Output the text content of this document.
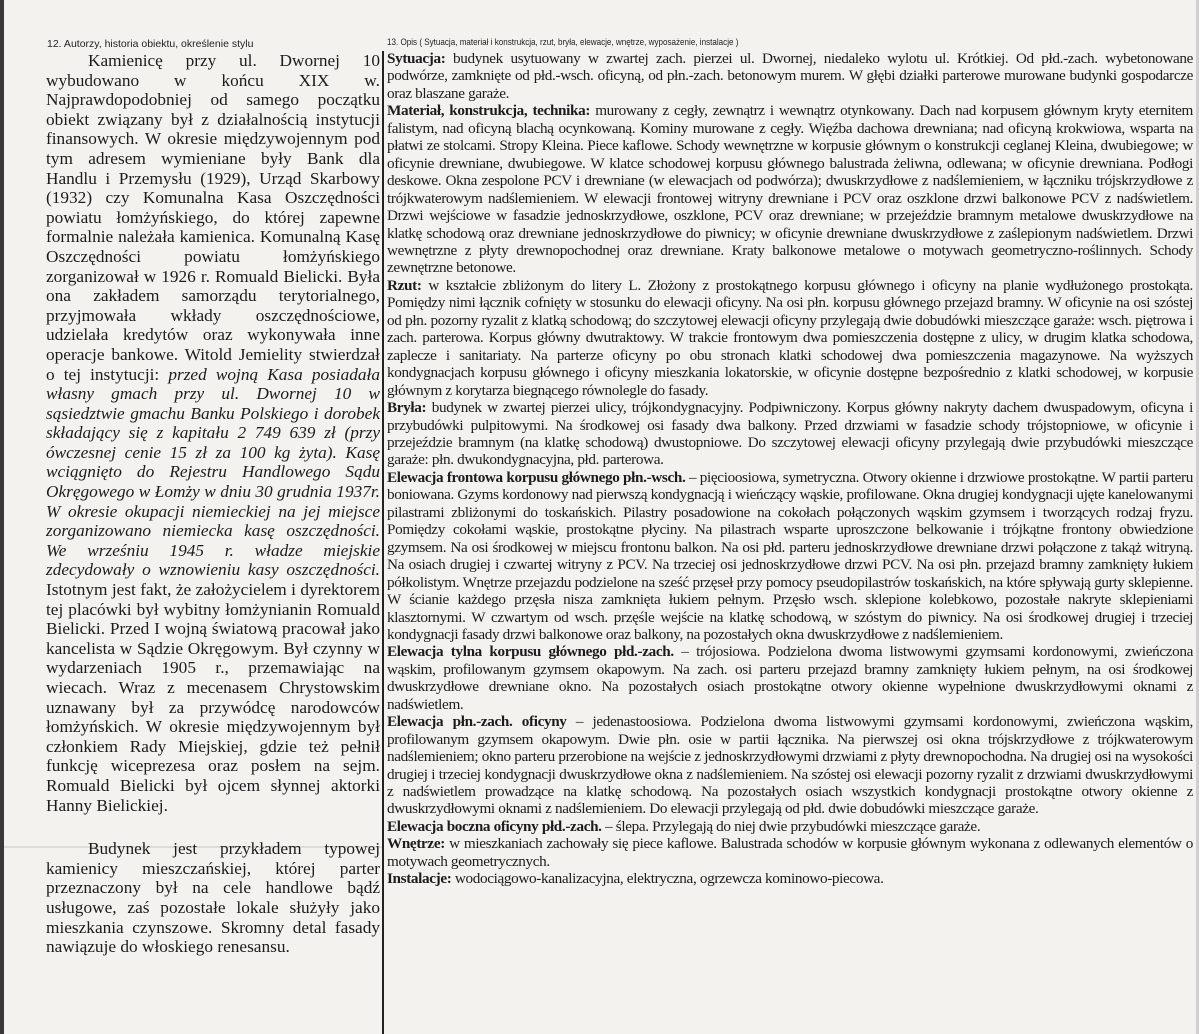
12. Autorzy, historia obiektu, określenie stylu

Kamienicę przy ul. Dwornej 10 wybudowano w końcu XIX w. Najprawdopodobniej od samego początku obiekt związany był z działalnością instytucji finansowych. W okresie międzywojennym pod tym adresem wymieniane były Bank dla Handlu i Przemysłu (1929), Urząd Skarbowy (1932) czy Komunalna Kasa Oszczędności powiatu łomżyńskiego, do której zapewne formalnie należała kamienica. Komunalną Kasę Oszczędności powiatu łomżyńskiego zorganizował w 1926 r. Romuald Bielicki. Była ona zakładem samorządu terytorialnego, przyjmowała wkłady oszczędnościowe, udzielała kredytów oraz wykonywała inne operacje bankowe. Witold Jemielity stwierdzał o tej instytucji: przed wojną Kasa posiadała własny gmach przy ul. Dwornej 10 w sąsiedztwie gmachu Banku Polskiego i dorobek składający się z kapitału 2 749 639 zł (przy ówczesnej cenie 15 zł za 100 kg żyta). Kasę wciągnięto do Rejestru Handlowego Sądu Okręgowego w Łomży w dniu 30 grudnia 1937r. W okresie okupacji niemieckiej na jej miejsce zorganizowano niemiecka kasę oszczędności. We wrześniu 1945 r. władze miejskie zdecydowały o wznowieniu kasy oszczędności. Istotnym jest fakt, że założycielem i dyrektorem tej placówki był wybitny łomżynianin Romuald Bielicki. Przed I wojną światową pracował jako kancelista w Sądzie Okręgowym. Był czynny w wydarzeniach 1905 r., przemawiając na wiecach. Wraz z mecenasem Chrystowskim uznawany był za przywódcę narodowców łomżyńskich. W okresie międzywojennym był członkiem Rady Miejskiej, gdzie też pełnił funkcję wiceprezesa oraz posłem na sejm. Romuald Bielicki był ojcem słynnej aktorki Hanny Bielickiej.

Budynek jest przykładem typowej kamienicy mieszczańskiej, której parter przeznaczony był na cele handlowe bądź usługowe, zaś pozostałe lokale służyły jako mieszkania czynszowe. Skromny detal fasady nawiązuje do włoskiego renesansu.

13. Opis ( Sytuacja, materiał i konstrukcja, rzut, bryła, elewacje, wnętrze, wyposażenie, instalacje )

Sytuacja: budynek usytuowany w zwartej zach. pierzei ul. Dwornej, niedaleko wylotu ul. Krótkiej. Od płd.-zach. wybetonowane podwórze, zamknięte od płd.-wsch. oficyną, od płn.-zach. betonowym murem. W głębi działki parterowe murowane budynki gospodarcze oraz blaszane garaże.

Materiał, konstrukcja, technika: murowany z cegły, zewnątrz i wewnątrz otynkowany. Dach nad korpusem głównym kryty eternitem falistym, nad oficyną blachą ocynkowaną. Kominy murowane z cegły. Więźba dachowa drewniana; nad oficyną krokwiowa, wsparta na płatwi ze stolcami. Stropy Kleina. Piece kaflowe. Schody wewnętrzne w korpusie głównym o konstrukcji ceglanej Kleina, dwubiegowe; w oficynie drewniane, dwubiegowe. W klatce schodowej korpusu głównego balustrada żeliwna, odlewana; w oficynie drewniana. Podłogi deskowe. Okna zespolone PCV i drewniane (w elewacjach od podwórza); dwuskrzydłowe z nadślemieniem, w łączniku trójskrzydłowe z trójkwaterowym nadślemieniem. W elewacji frontowej witryny drewniane i PCV oraz oszklone drzwi balkonowe PCV z nadświetlem. Drzwi wejściowe w fasadzie jednoskrzydłowe, oszklone, PCV oraz drewniane; w przejeździe bramnym metalowe dwuskrzydłowe na klatkę schodową oraz drewniane jednoskrzydłowe do piwnicy; w oficynie drewniane dwuskrzydłowe z zaślepionym nadświetlem. Drzwi wewnętrzne z płyty drewnopochodnej oraz drewniane. Kraty balkonowe metalowe o motywach geometryczno-roślinnych. Schody zewnętrzne betonowe.

Rzut: w kształcie zbliżonym do litery L. Złożony z prostokątnego korpusu głównego i oficyny na planie wydłużonego prostokąta. Pomiędzy nimi łącznik cofnięty w stosunku do elewacji oficyny. Na osi płn. korpusu głównego przejazd bramny. W oficynie na osi szóstej od płn. pozorny ryzalit z klatką schodową; do szczytowej elewacji oficyny przylegają dwie dobudówki mieszczące garaże: wsch. piętrowa i zach. parterowa. Korpus główny dwutraktowy. W trakcie frontowym dwa pomieszczenia dostępne z ulicy, w drugim klatka schodowa, zaplecze i sanitariaty. Na parterze oficyny po obu stronach klatki schodowej dwa pomieszczenia magazynowe. Na wyższych kondygnacjach korpusu głównego i oficyny mieszkania lokatorskie, w oficynie dostępne bezpośrednio z klatki schodowej, w korpusie głównym z korytarza biegnącego równolegle do fasady.

Bryła: budynek w zwartej pierzei ulicy, trójkondygnacyjny. Podpiwniczony. Korpus główny nakryty dachem dwuspadowym, oficyna i przybudówki pulpitowymi. Na środkowej osi fasady dwa balkony. Przed drzwiami w fasadzie schody trójstopniowe, w oficynie i przejeździe bramnym (na klatkę schodową) dwustopniowe. Do szczytowej elewacji oficyny przylegają dwie przybudówki mieszczące garaże: płn. dwukondygnacyjna, płd. parterowa.

Elewacja frontowa korpusu głównego płn.-wsch. – pięcioosiowa, symetryczna. Otwory okienne i drzwiowe prostokątne. W partii parteru boniowana. Gzyms kordonowy nad pierwszą kondygnacją i wieńczący wąskie, profilowane. Okna drugiej kondygnacji ujęte kanelowanymi pilastrami zbliżonymi do toskańskich. Pilastry posadowione na cokołach połączonych wąskim gzymsem i tworzących rodzaj fryzu. Pomiędzy cokołami wąskie, prostokątne płyciny. Na pilastrach wsparte uproszczone belkowanie i trójkątne frontony obwiedzione gzymsem. Na osi środkowej w miejscu frontonu balkon. Na osi płd. parteru jednoskrzydłowe drewniane drzwi połączone z takąż witryną. Na osiach drugiej i czwartej witryny z PCV. Na trzeciej osi jednoskrzydłowe drzwi PCV. Na osi płn. przejazd bramny zamknięty łukiem półkolistym. Wnętrze przejazdu podzielone na sześć przęseł przy pomocy pseudopilastrów toskańskich, na które spływają gurty sklepienne. W ścianie każdego przęsła nisza zamknięta łukiem pełnym. Przęsło wsch. sklepione kolebkowo, pozostałe nakryte sklepieniami klasztornymi. W czwartym od wsch. przęśle wejście na klatkę schodową, w szóstym do piwnicy. Na osi środkowej drugiej i trzeciej kondygnacji fasady drzwi balkonowe oraz balkony, na pozostałych okna dwuskrzydłowe z nadślemieniem.

Elewacja tylna korpusu głównego płd.-zach. – trójosiowa. Podzielona dwoma listwowymi gzymsami kordonowymi, zwieńczona wąskim, profilowanym gzymsem okapowym. Na zach. osi parteru przejazd bramny zamknięty łukiem pełnym, na osi środkowej dwuskrzydłowe drewniane okno. Na pozostałych osiach prostokątne otwory okienne wypełnione dwuskrzydłowymi oknami z nadświetlem.

Elewacja płn.-zach. oficyny – jedenastoosiowa. Podzielona dwoma listwowymi gzymsami kordonowymi, zwieńczona wąskim, profilowanym gzymsem okapowym. Dwie płn. osie w partii łącznika. Na pierwszej osi okna trójskrzydłowe z trójkwaterowym nadślemieniem; okno parteru przerobione na wejście z jednoskrzydłowymi drzwiami z płyty drewnopochodna. Na drugiej osi na wysokości drugiej i trzeciej kondygnacji dwuskrzydłowe okna z nadślemieniem. Na szóstej osi elewacji pozorny ryzalit z drzwiami dwuskrzydłowymi z nadświetlem prowadzące na klatkę schodową. Na pozostałych osiach wszystkich kondygnacji prostokątne otwory okienne z dwuskrzydłowymi oknami z nadślemieniem. Do elewacji przylegają od płd. dwie dobudówki mieszczące garaże.

Elewacja boczna oficyny płd.-zach. – ślepa. Przylegają do niej dwie przybudówki mieszczące garaże.

Wnętrze: w mieszkaniach zachowały się piece kaflowe. Balustrada schodów w korpusie głównym wykonana z odlewanych elementów o motywach geometrycznych.

Instalacje: wodociągowo-kanalizacyjna, elektryczna, ogrzewcza kominowo-piecowa.
